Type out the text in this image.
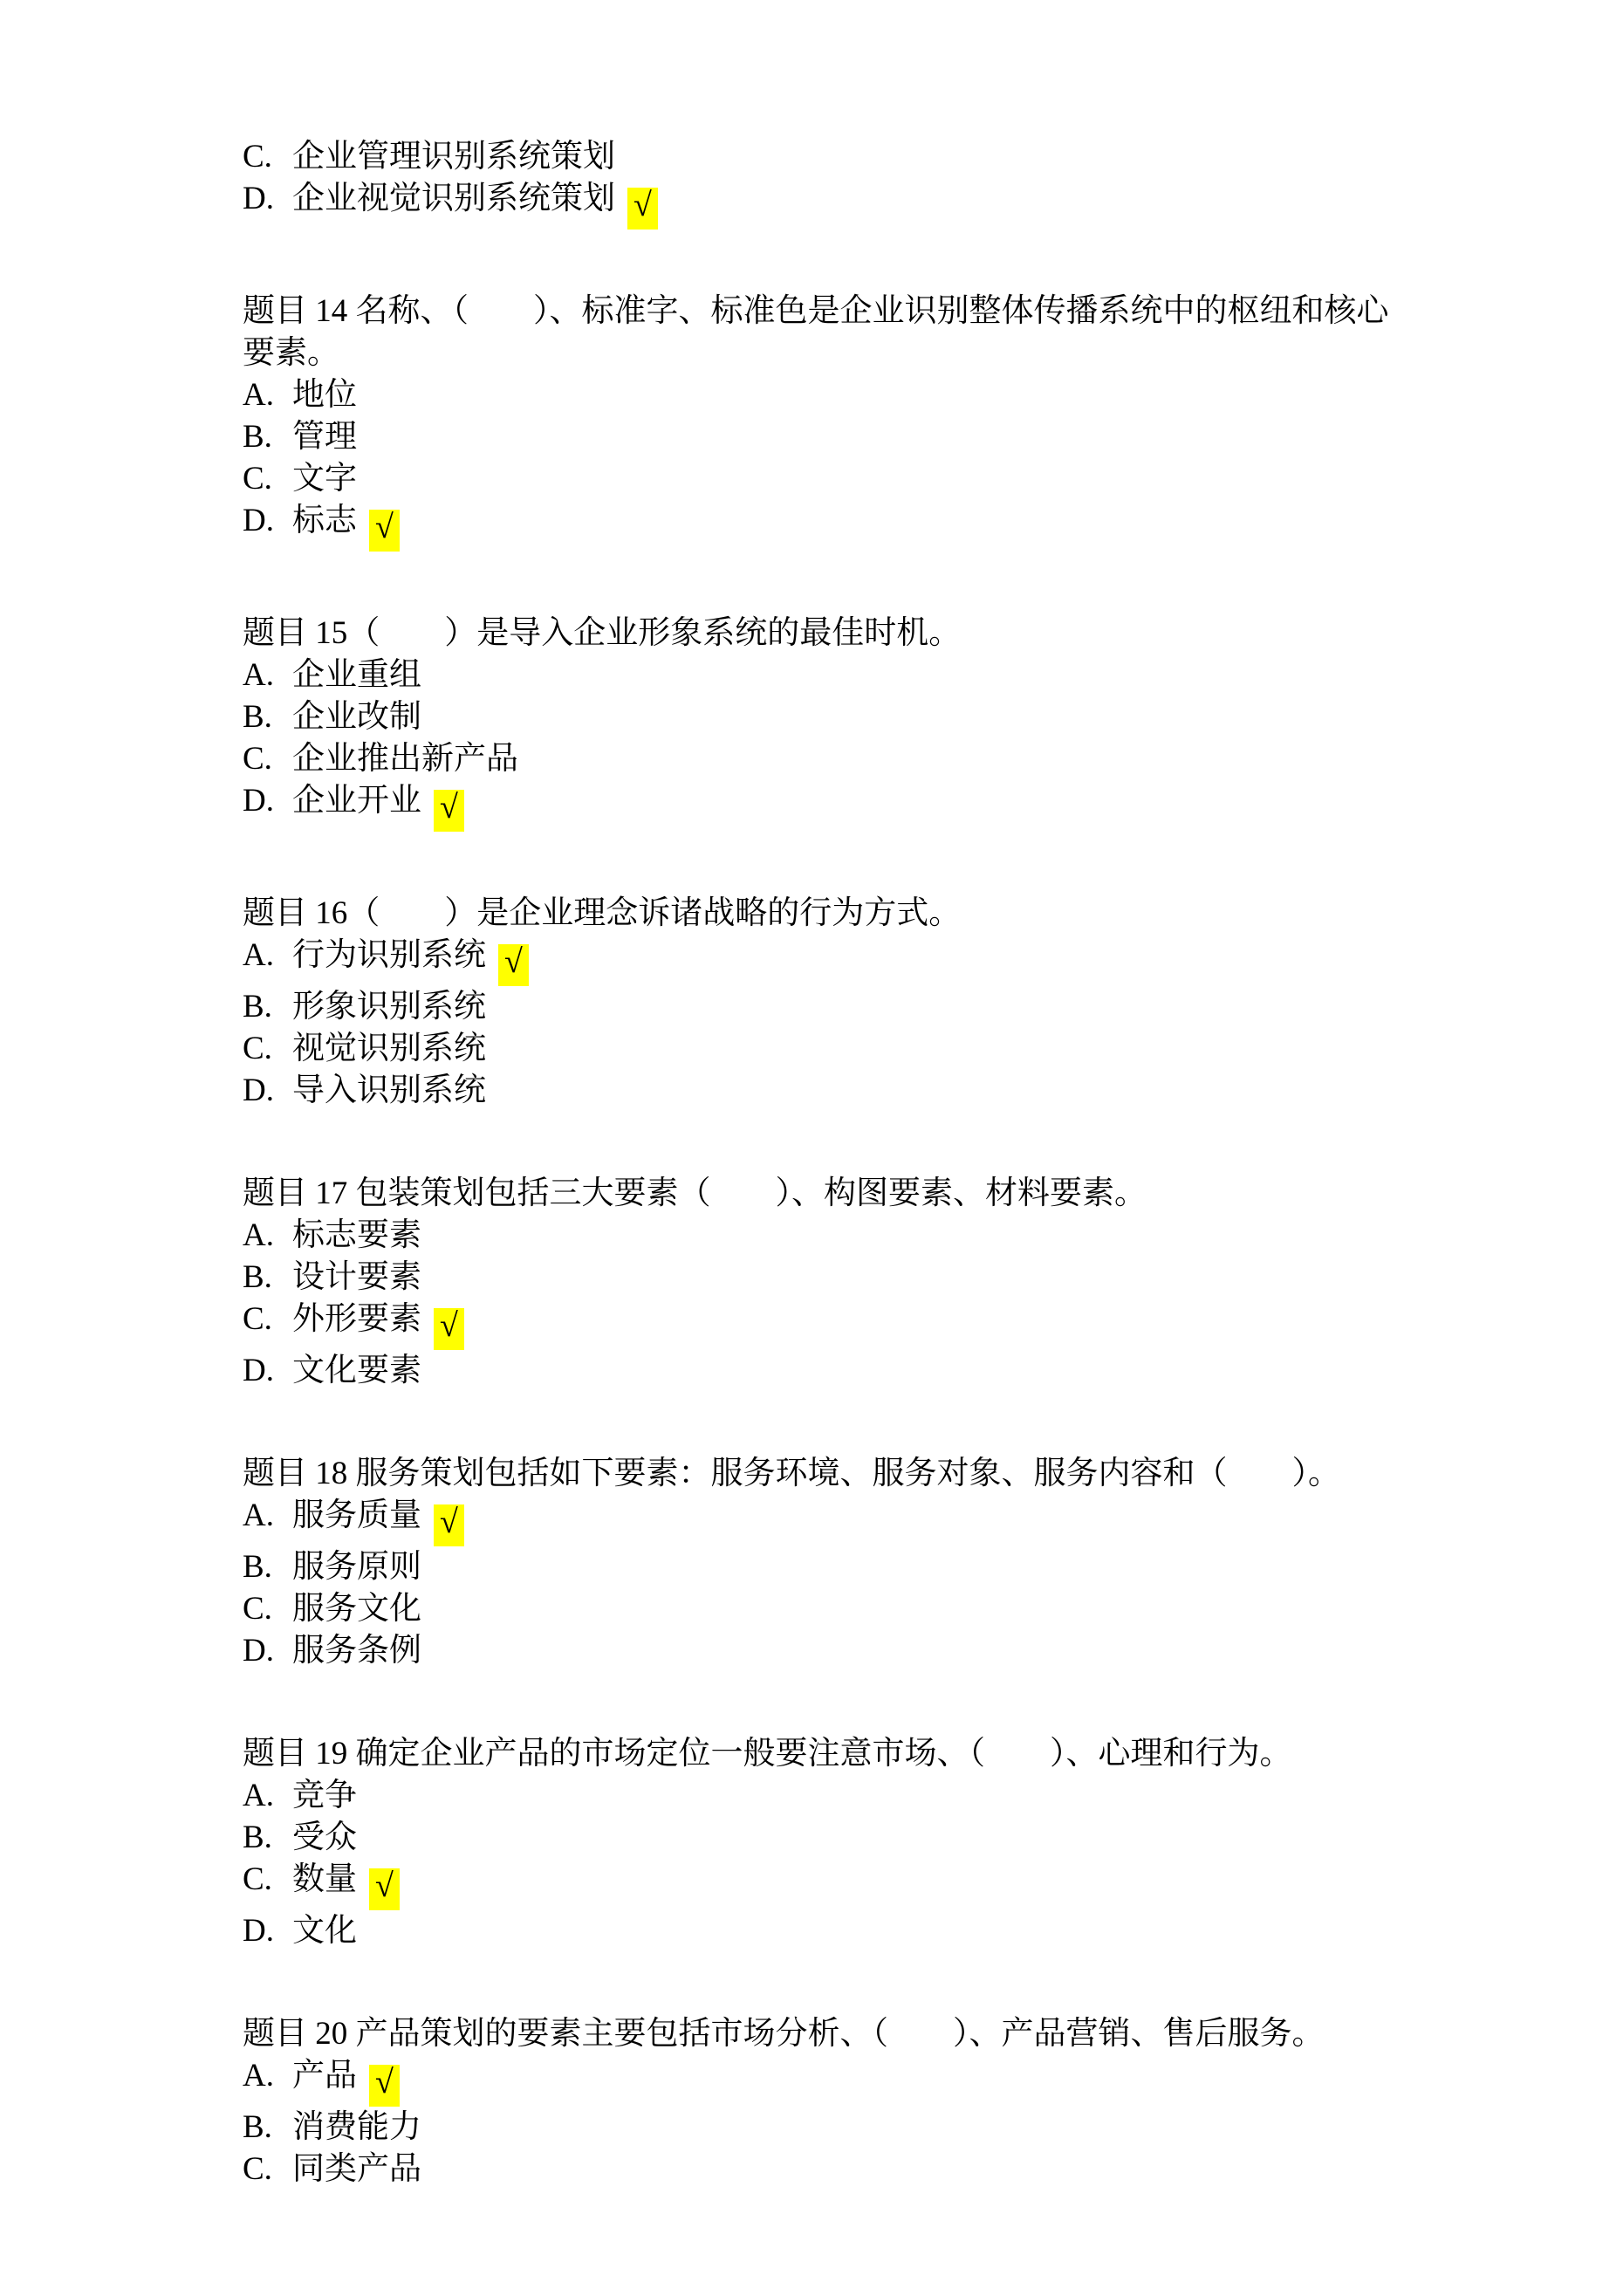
C. 企业管理识别系统策划
D. 企业视觉识别系统策划 √
题目 14 名称、（　　）、标准字、标准色是企业识别整体传播系统中的枢纽和核心要素。
A. 地位
B. 管理
C. 文字
D. 标志 √
题目 15（　　）是导入企业形象系统的最佳时机。
A. 企业重组
B. 企业改制
C. 企业推出新产品
D. 企业开业 √
题目 16（　　）是企业理念诉诸战略的行为方式。
A. 行为识别系统 √
B. 形象识别系统
C. 视觉识别系统
D. 导入识别系统
题目 17 包装策划包括三大要素（　　）、构图要素、材料要素。
A. 标志要素
B. 设计要素
C. 外形要素 √
D. 文化要素
题目 18 服务策划包括如下要素：服务环境、服务对象、服务内容和（　　）。
A. 服务质量 √
B. 服务原则
C. 服务文化
D. 服务条例
题目 19 确定企业产品的市场定位一般要注意市场、（　　）、心理和行为。
A. 竞争
B. 受众
C. 数量 √
D. 文化
题目 20 产品策划的要素主要包括市场分析、（　　）、产品营销、售后服务。
A. 产品 √
B. 消费能力
C. 同类产品
